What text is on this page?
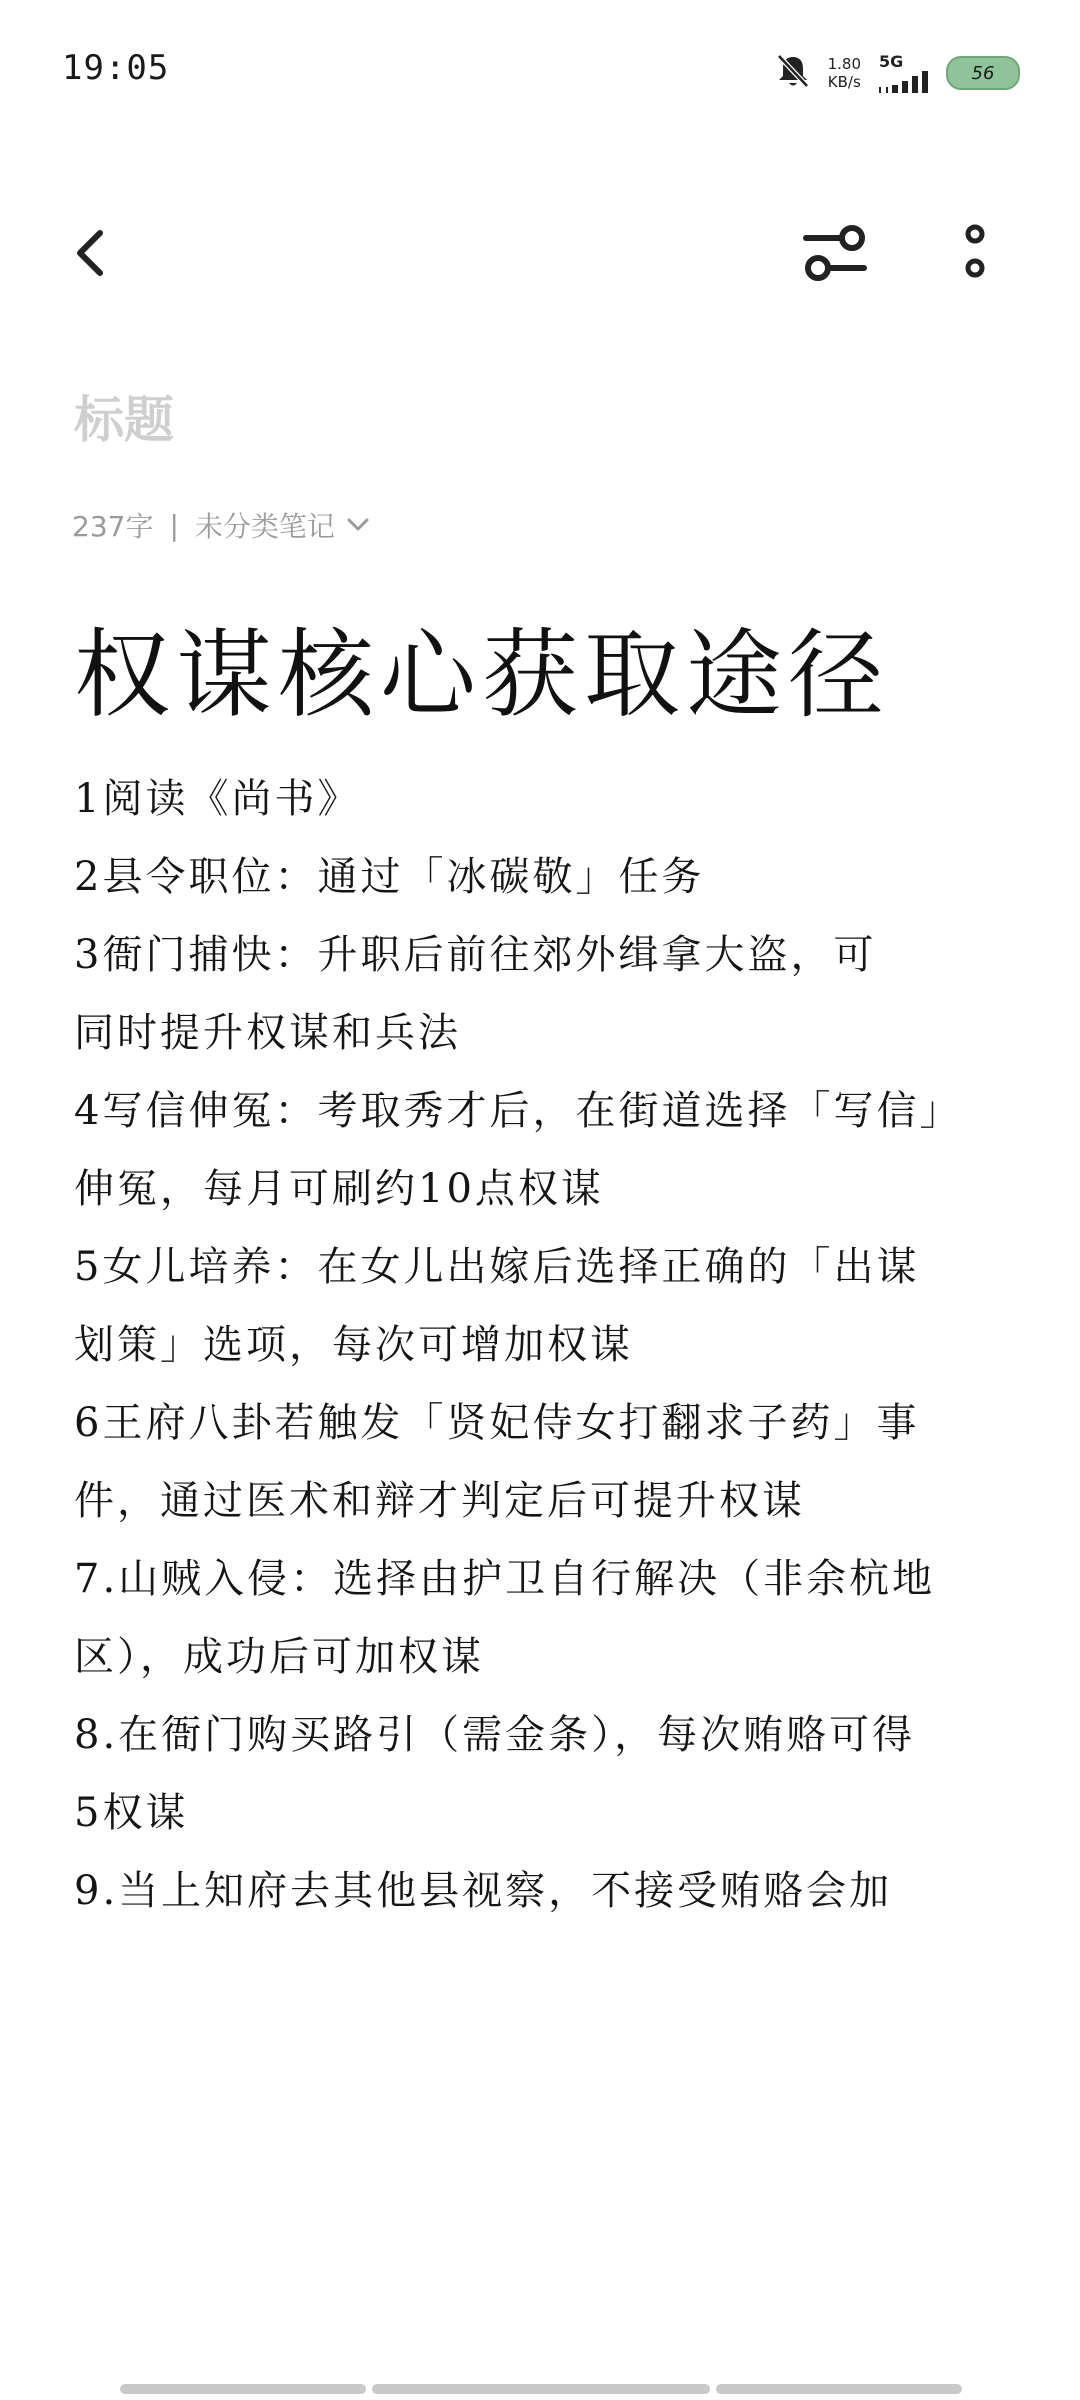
19:05	1.80
KB/s
5G
56
标题
237字 | 未分类笔记
权谋核心获取途径

1阅读《尚书》

2县令职位：通过「冰碳敬」任务

3衙门捕快：升职后前往郊外缉拿大盗，可

同时提升权谋和兵法

4写信伸冤：考取秀才后，在街道选择「写信」

伸冤，每月可刷约10点权谋

5女儿培养：在女儿出嫁后选择正确的「出谋

划策」选项，每次可增加权谋

6王府八卦若触发「贤妃侍女打翻求子药」事

件，通过医术和辩才判定后可提升权谋

7.山贼入侵：选择由护卫自行解决（非余杭地

区），成功后可加权谋

8.在衙门购买路引（需金条），每次贿赂可得

5权谋

9.当上知府去其他县视察，不接受贿赂会加
